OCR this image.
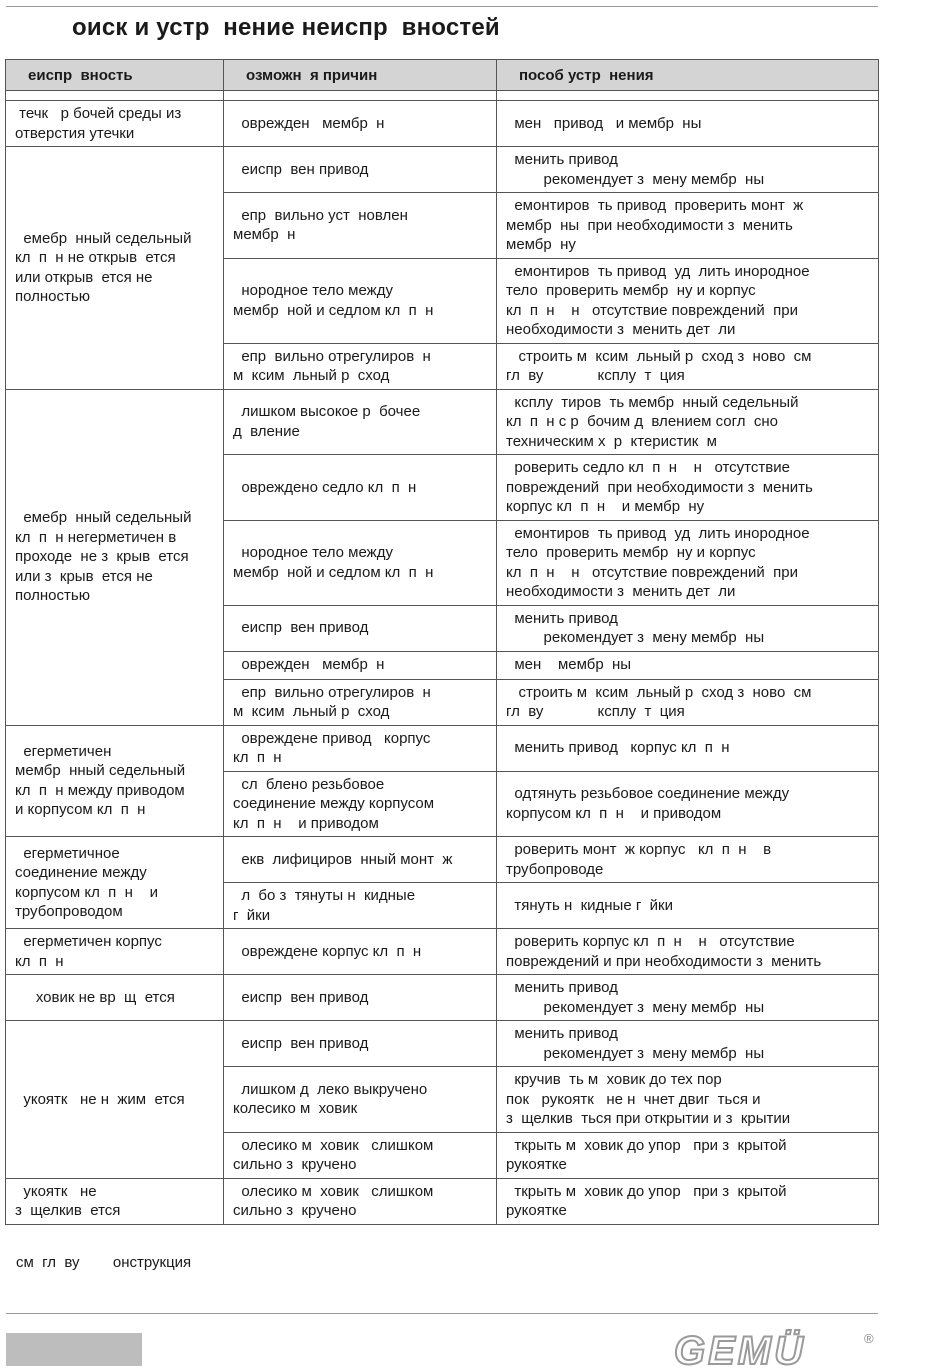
оиск и устр  нение неиспр  вностей
еиспр  вность	озможн  я причин	пособ устр  нения

течк   р бочей среды из
отверстия утечки	оврежден   мембр  н	мен   привод   и мембр  ны
емебр  нный седельный
кл  п  н не открыв  ется
или открыв  ется не
полностью	еиспр  вен привод	менить привод
рекомендует з  мену мембр  ны
	епр  вильно уст  новлен
мембр  н	емонтиров  ть привод  проверить монт  ж
мембр  ны  при необходимости з  менить
мембр  ну
	нородное тело между
мембр  ной и седлом кл  п  н	емонтиров  ть привод  уд  лить инородное
тело  проверить мембр  ну и корпус
кл  п  н    н   отсутствие повреждений  при
необходимости з  менить дет  ли
	епр  вильно отрегулиров  н
м  ксим  льный р  сход	строить м  ксим  льный р  сход з  ново  см
гл  ву             ксплу  т  ция
емебр  нный седельный
кл  п  н негерметичен в
проходе  не з  крыв  ется
или з  крыв  ется не
полностью	лишком высокое р  бочее
д  вление	ксплу  тиров  ть мембр  нный седельный
кл  п  н с р  бочим д  влением согл  сно
техническим х  р  ктеристик  м
	овреждено седло кл  п  н	роверить седло кл  п  н    н   отсутствие
повреждений  при необходимости з  менить
корпус кл  п  н    и мембр  ну
	нородное тело между
мембр  ной и седлом кл  п  н	емонтиров  ть привод  уд  лить инородное
тело  проверить мембр  ну и корпус
кл  п  н    н   отсутствие повреждений  при
необходимости з  менить дет  ли
	еиспр  вен привод	менить привод
рекомендует з  мену мембр  ны
	оврежден   мембр  н	мен    мембр  ны
	епр  вильно отрегулиров  н
м  ксим  льный р  сход	строить м  ксим  льный р  сход з  ново  см
гл  ву             ксплу  т  ция
егерметичен
мембр  нный седельный
кл  п  н между приводом
и корпусом кл  п  н	овреждене привод   корпус
кл  п  н	менить привод   корпус кл  п  н
	сл  блено резьбовое
соединение между корпусом
кл  п  н    и приводом	одтянуть резьбовое соединение между
корпусом кл  п  н    и приводом
егерметичное
соединение между
корпусом кл  п  н    и
трубопроводом	екв  лифициров  нный монт  ж	роверить монт  ж корпус   кл  п  н    в
трубопроводе
	л  бо з  тянуты н  кидные
г  йки	тянуть н  кидные г  йки
егерметичен корпус
кл  п  н	овреждене корпус кл  п  н	роверить корпус кл  п  н    н   отсутствие
повреждений и при необходимости з  менить
ховик не вр  щ  ется	еиспр  вен привод	менить привод
рекомендует з  мену мембр  ны
укоятк   не н  жим  ется	еиспр  вен привод	менить привод
рекомендует з  мену мембр  ны
	лишком д  леко выкручено
колесико м  ховик	кручив  ть м  ховик до тех пор
пок   рукоятк   не н  чнет двиг  ться и
з  щелкив  ться при открытии и з  крытии
	олесико м  ховик   слишком
сильно з  кручено	ткрыть м  ховик до упор   при з  крытой
рукоятке
укоятк   не
з  щелкив  ется	олесико м  ховик   слишком
сильно з  кручено	ткрыть м  ховик до упор   при з  крытой
рукоятке
см  гл  ву        онструкция
GEMÜ	®
